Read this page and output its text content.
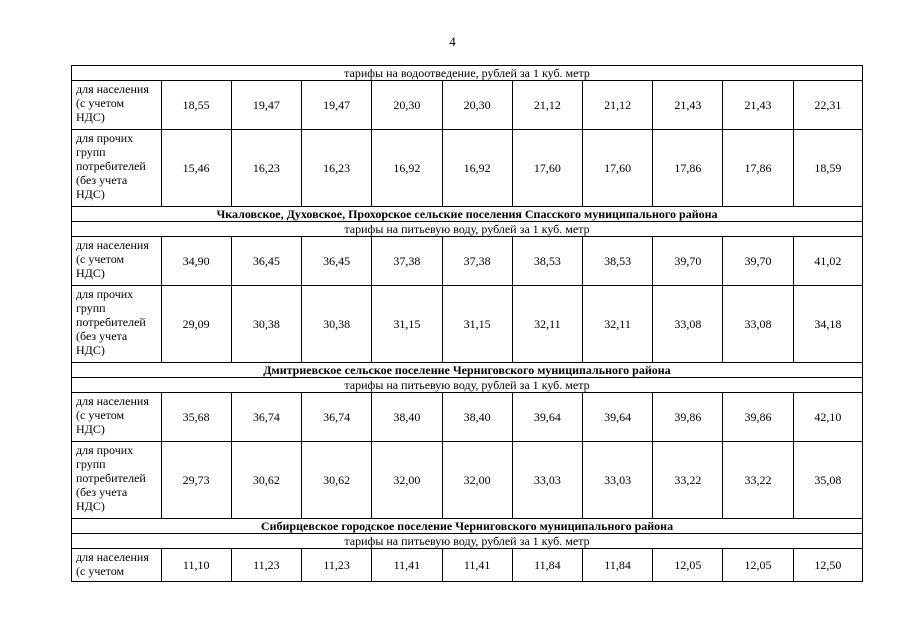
4
тарифы на водоотведение, рублей за 1 куб. метр										

для населения
(с учетом
НДС)	18,55	19,47	19,47	20,30	20,30	21,12	21,12	21,43	21,43	22,31

для прочих
групп
потребителей
(без учета
НДС)	15,46	16,23	16,23	16,92	16,92	17,60	17,60	17,86	17,86	18,59
Чкаловское, Духовское, Прохорское сельские поселения Спасского муниципального района										
тарифы на питьевую воду, рублей за 1 куб. метр										

для населения
(с учетом
НДС)	34,90	36,45	36,45	37,38	37,38	38,53	38,53	39,70	39,70	41,02

для прочих
групп
потребителей
(без учета
НДС)	29,09	30,38	30,38	31,15	31,15	32,11	32,11	33,08	33,08	34,18
Дмитриевское сельское поселение Черниговского муниципального района										
тарифы на питьевую воду, рублей за 1 куб. метр										

для населения
(с учетом
НДС)	35,68	36,74	36,74	38,40	38,40	39,64	39,64	39,86	39,86	42,10

для прочих
групп
потребителей
(без учета
НДС)	29,73	30,62	30,62	32,00	32,00	33,03	33,03	33,22	33,22	35,08
Сибирцевское городское поселение Черниговского муниципального района										
тарифы на питьевую воду, рублей за 1 куб. метр										

для населения
(с учетом	11,10	11,23	11,23	11,41	11,41	11,84	11,84	12,05	12,05	12,50
